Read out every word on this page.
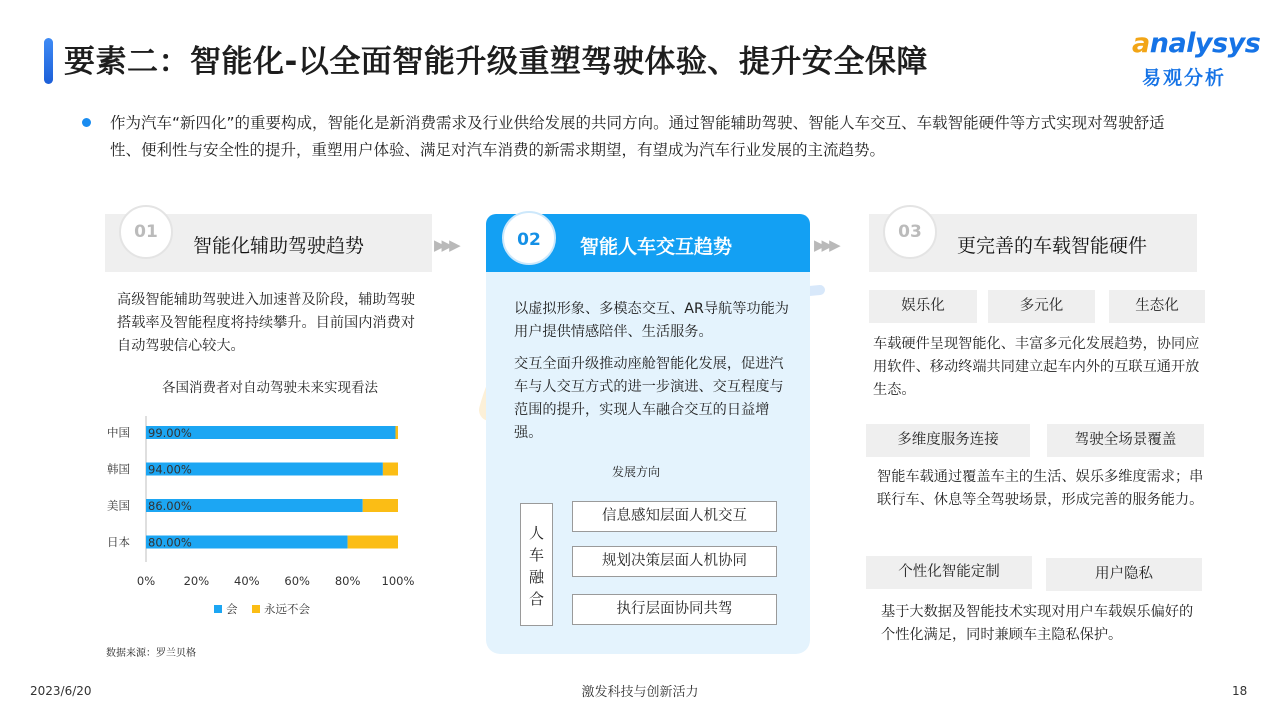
要素二：智能化-以全面智能升级重塑驾驶体验、提升安全保障
analysys
易观分析
作为汽车“新四化”的重要构成，智能化是新消费需求及行业供给发展的共同方向。通过智能辅助驾驶、智能人车交互、车载智能硬件等方式实现对驾驶舒适性、便利性与安全性的提升，重塑用户体验、满足对汽车消费的新需求期望，有望成为汽车行业发展的主流趋势。
01
智能化辅助驾驶趋势	▶▶▶	▶▶▶
02	智能人车交互趋势
03
更完善的车载智能硬件
高级智能辅助驾驶进入加速普及阶段，辅助驾驶搭载率及智能程度将持续攀升。目前国内消费对自动驾驶信心较大。
各国消费者对自动驾驶未来实现看法
中国 99.00%
韩国 94.00%
美国 86.00%
日本 80.00%
0% 20% 40% 60% 80% 100%
会 永远不会
数据来源：罗兰贝格

以虚拟形象、多模态交互、AR导航等功能为用户提供情感陪伴、生活服务。

交互全面升级推动座舱智能化发展，促进汽车与人交互方式的进一步演进、交互程度与范围的提升，实现人车融合交互的日益增强。

发展方向
人
车
融
合
信息感知层面人机交互
规划决策层面人机协同
执行层面协同共驾
娱乐化	多元化	生态化
车载硬件呈现智能化、丰富多元化发展趋势，协同应用软件、移动终端共同建立起车内外的互联互通开放生态。
多维度服务连接	驾驶全场景覆盖
智能车载通过覆盖车主的生活、娱乐多维度需求；串联行车、休息等全驾驶场景，形成完善的服务能力。
个性化智能定制	用户隐私
基于大数据及智能技术实现对用户车载娱乐偏好的个性化满足，同时兼顾车主隐私保护。
2023/6/20	激发科技与创新活力	18
